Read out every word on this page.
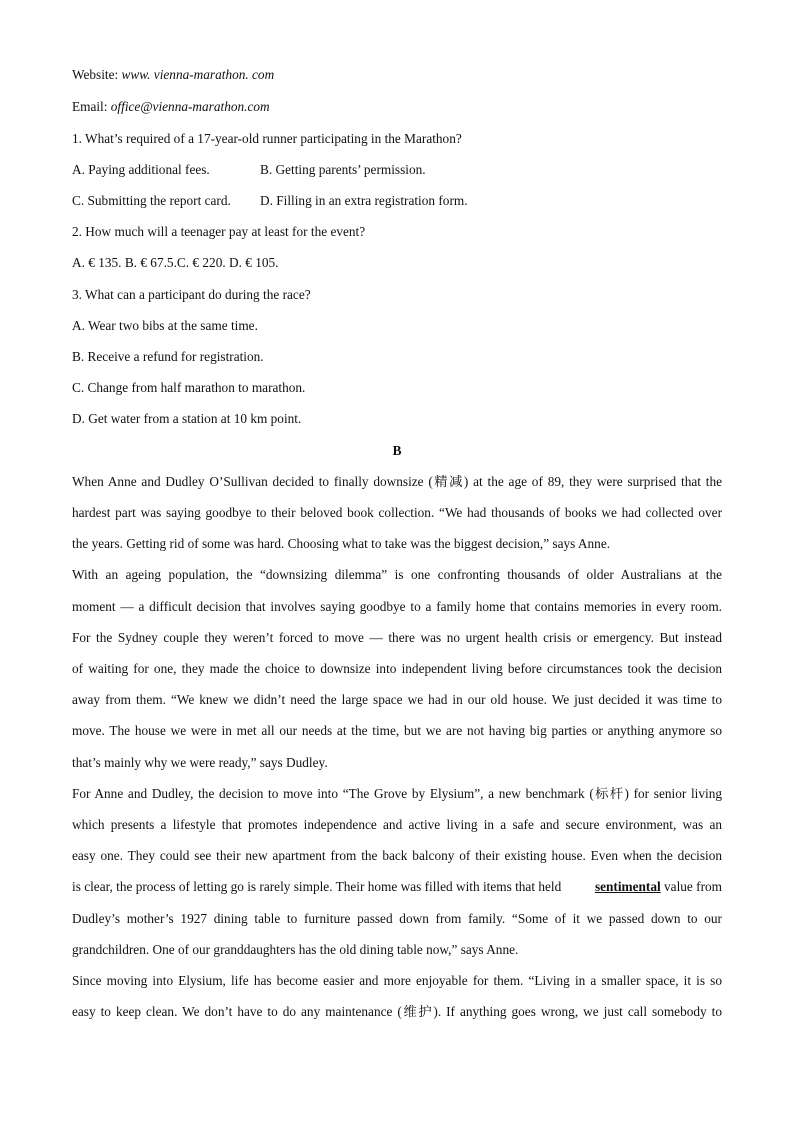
Website: www. vienna-marathon. com
Email: office@vienna-marathon.com
1. What’s required of a 17-year-old runner participating in the Marathon?
A. Paying additional fees.	B. Getting parents’ permission.
C. Submitting the report card. D. Filling in an extra registration form.
2. How much will a teenager pay at least for the event?
A. € 135. B. € 67.5.C. € 220. D. € 105.
3. What can a participant do during the race?
A. Wear two bibs at the same time.
B. Receive a refund for registration.
C. Change from half marathon to marathon.
D. Get water from a station at 10 km point.
B
When Anne and Dudley O’Sullivan decided to finally downsize (精减) at the age of 89, they were surprised that the
hardest part was saying goodbye to their beloved book collection. “We had thousands of books we had collected over
the years. Getting rid of some was hard. Choosing what to take was the biggest decision,” says Anne.
With an ageing population, the “downsizing dilemma” is one confronting thousands of older Australians at the
moment — a difficult decision that involves saying goodbye to a family home that contains memories in every room.
For the Sydney couple they weren’t forced to move — there was no urgent health crisis or emergency. But instead
of waiting for one, they made the choice to downsize into independent living before circumstances took the decision
away from them. “We knew we didn’t need the large space we had in our old house. We just decided it was time to
move. The house we were in met all our needs at the time, but we are not having big parties or anything anymore so
that’s mainly why we were ready,” says Dudley.
For Anne and Dudley, the decision to move into “The Grove by Elysium”, a new benchmark (标杆) for senior living
which presents a lifestyle that promotes independence and active living in a safe and secure environment, was an
easy one. They could see their new apartment from the back balcony of their existing house. Even when the decision
is clear, the process of letting go is rarely simple. Their home was filled with items that held	sentimental value from
Dudley’s mother’s 1927 dining table to furniture passed down from family. “Some of it we passed down to our
grandchildren. One of our granddaughters has the old dining table now,” says Anne.
Since moving into Elysium, life has become easier and more enjoyable for them. “Living in a smaller space, it is so
easy to keep clean. We don’t have to do any maintenance (维护). If anything goes wrong, we just call somebody to
